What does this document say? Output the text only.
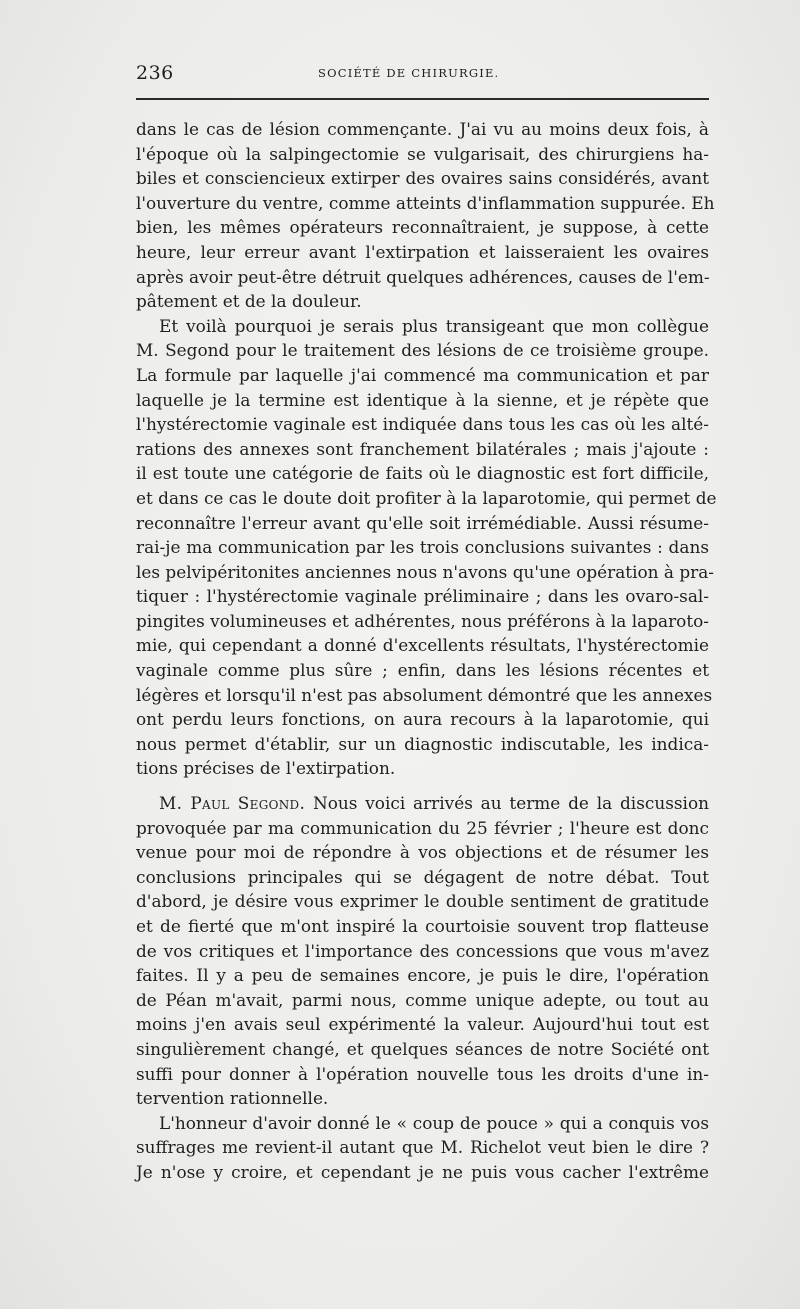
236	SOCIÉTÉ DE CHIRURGIE.

dans le cas de lésion commençante. J'ai vu au moins deux fois, à
l'époque où la salpingectomie se vulgarisait, des chirurgiens ha-
biles et consciencieux extirper des ovaires sains considérés, avant
l'ouverture du ventre, comme atteints d'inflammation suppurée. Eh
bien, les mêmes opérateurs reconnaîtraient, je suppose, à cette
heure, leur erreur avant l'extirpation et laisseraient les ovaires
après avoir peut-être détruit quelques adhérences, causes de l'em-
pâtement et de la douleur.

Et voilà pourquoi je serais plus transigeant que mon collègue
M. Segond pour le traitement des lésions de ce troisième groupe.
La formule par laquelle j'ai commencé ma communication et par
laquelle je la termine est identique à la sienne, et je répète que
l'hystérectomie vaginale est indiquée dans tous les cas où les alté-
rations des annexes sont franchement bilatérales ; mais j'ajoute :
il est toute une catégorie de faits où le diagnostic est fort difficile,
et dans ce cas le doute doit profiter à la laparotomie, qui permet de
reconnaître l'erreur avant qu'elle soit irrémédiable. Aussi résume-
rai-je ma communication par les trois conclusions suivantes : dans
les pelvipéritonites anciennes nous n'avons qu'une opération à pra-
tiquer : l'hystérectomie vaginale préliminaire ; dans les ovaro-sal-
pingites volumineuses et adhérentes, nous préférons à la laparoto-
mie, qui cependant a donné d'excellents résultats, l'hystérectomie
vaginale comme plus sûre ; enfin, dans les lésions récentes et
légères et lorsqu'il n'est pas absolument démontré que les annexes
ont perdu leurs fonctions, on aura recours à la laparotomie, qui
nous permet d'établir, sur un diagnostic indiscutable, les indica-
tions précises de l'extirpation.

M. Paul Segond. Nous voici arrivés au terme de la discussion
provoquée par ma communication du 25 février ; l'heure est donc
venue pour moi de répondre à vos objections et de résumer les
conclusions principales qui se dégagent de notre débat. Tout
d'abord, je désire vous exprimer le double sentiment de gratitude
et de fierté que m'ont inspiré la courtoisie souvent trop flatteuse
de vos critiques et l'importance des concessions que vous m'avez
faites. Il y a peu de semaines encore, je puis le dire, l'opération
de Péan m'avait, parmi nous, comme unique adepte, ou tout au
moins j'en avais seul expérimenté la valeur. Aujourd'hui tout est
singulièrement changé, et quelques séances de notre Société ont
suffi pour donner à l'opération nouvelle tous les droits d'une in-
tervention rationnelle.

L'honneur d'avoir donné le « coup de pouce » qui a conquis vos
suffrages me revient-il autant que M. Richelot veut bien le dire ?
Je n'ose y croire, et cependant je ne puis vous cacher l'extrême
